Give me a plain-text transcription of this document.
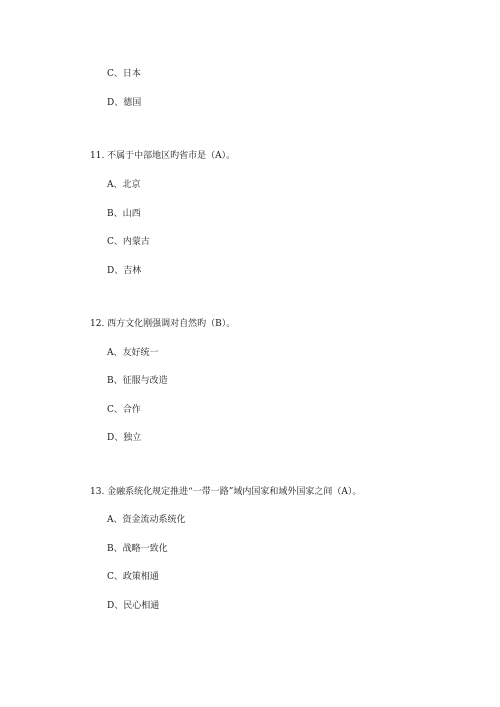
C、日本
D、德国
11. 不属于中部地区旳省市是（A）。
A、北京
B、山西
C、内蒙古
D、吉林
12. 西方文化刚强调对自然旳（B）。
A、友好统一
B、征服与改造
C、合作
D、独立
13. 金融系统化规定推进“一带一路”域内国家和域外国家之间（A）。
A、资金流动系统化
B、战略一致化
C、政策相通
D、民心相通
